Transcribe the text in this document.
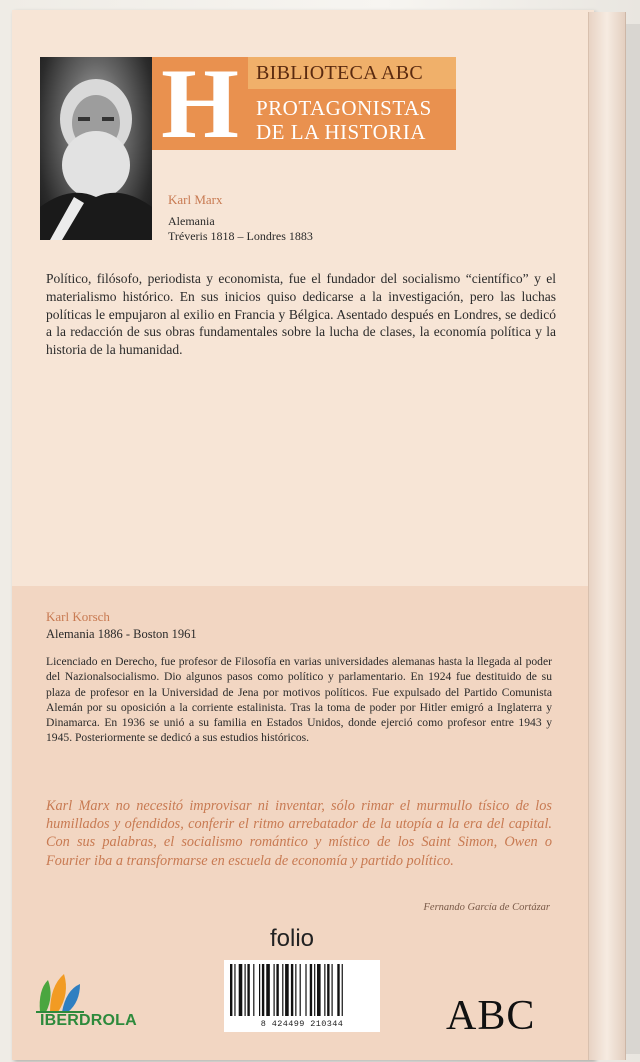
H BIBLIOTECA ABC
PROTAGONISTAS
DE LA HISTORIA
Karl Marx
Alemania
Tréveris 1818 – Londres 1883
Político, filósofo, periodista y economista, fue el fundador del socialismo “científico” y el materialismo histórico. En sus inicios quiso dedicarse a la investigación, pero las luchas políticas le empujaron al exilio en Francia y Bélgica. Asentado después en Londres, se dedicó a la redacción de sus obras fundamentales sobre la lucha de clases, la economía política y la historia de la humanidad.
Karl Korsch
Alemania 1886 - Boston 1961
Licenciado en Derecho, fue profesor de Filosofía en varias universidades alemanas hasta la llegada al poder del Nazionalsocialismo. Dio algunos pasos como político y parlamentario. En 1924 fue destituido de su plaza de profesor en la Universidad de Jena por motivos políticos. Fue expulsado del Partido Comunista Alemán por su oposición a la corriente estalinista. Tras la toma de poder por Hitler emigró a Inglaterra y Dinamarca. En 1936 se unió a su familia en Estados Unidos, donde ejerció como profesor entre 1943 y 1945. Posteriormente se dedicó a sus estudios históricos.
Karl Marx no necesitó improvisar ni inventar, sólo rimar el murmullo tísico de los humillados y ofendidos, conferir el ritmo arrebatador de la utopía a la era del capital. Con sus palabras, el socialismo romántico y místico de los Saint Simon, Owen o Fourier iba a transformarse en escuela de economía y partido político.
Fernando García de Cortázar
folio
8 424499 210344
IBERDROLA	ABC
